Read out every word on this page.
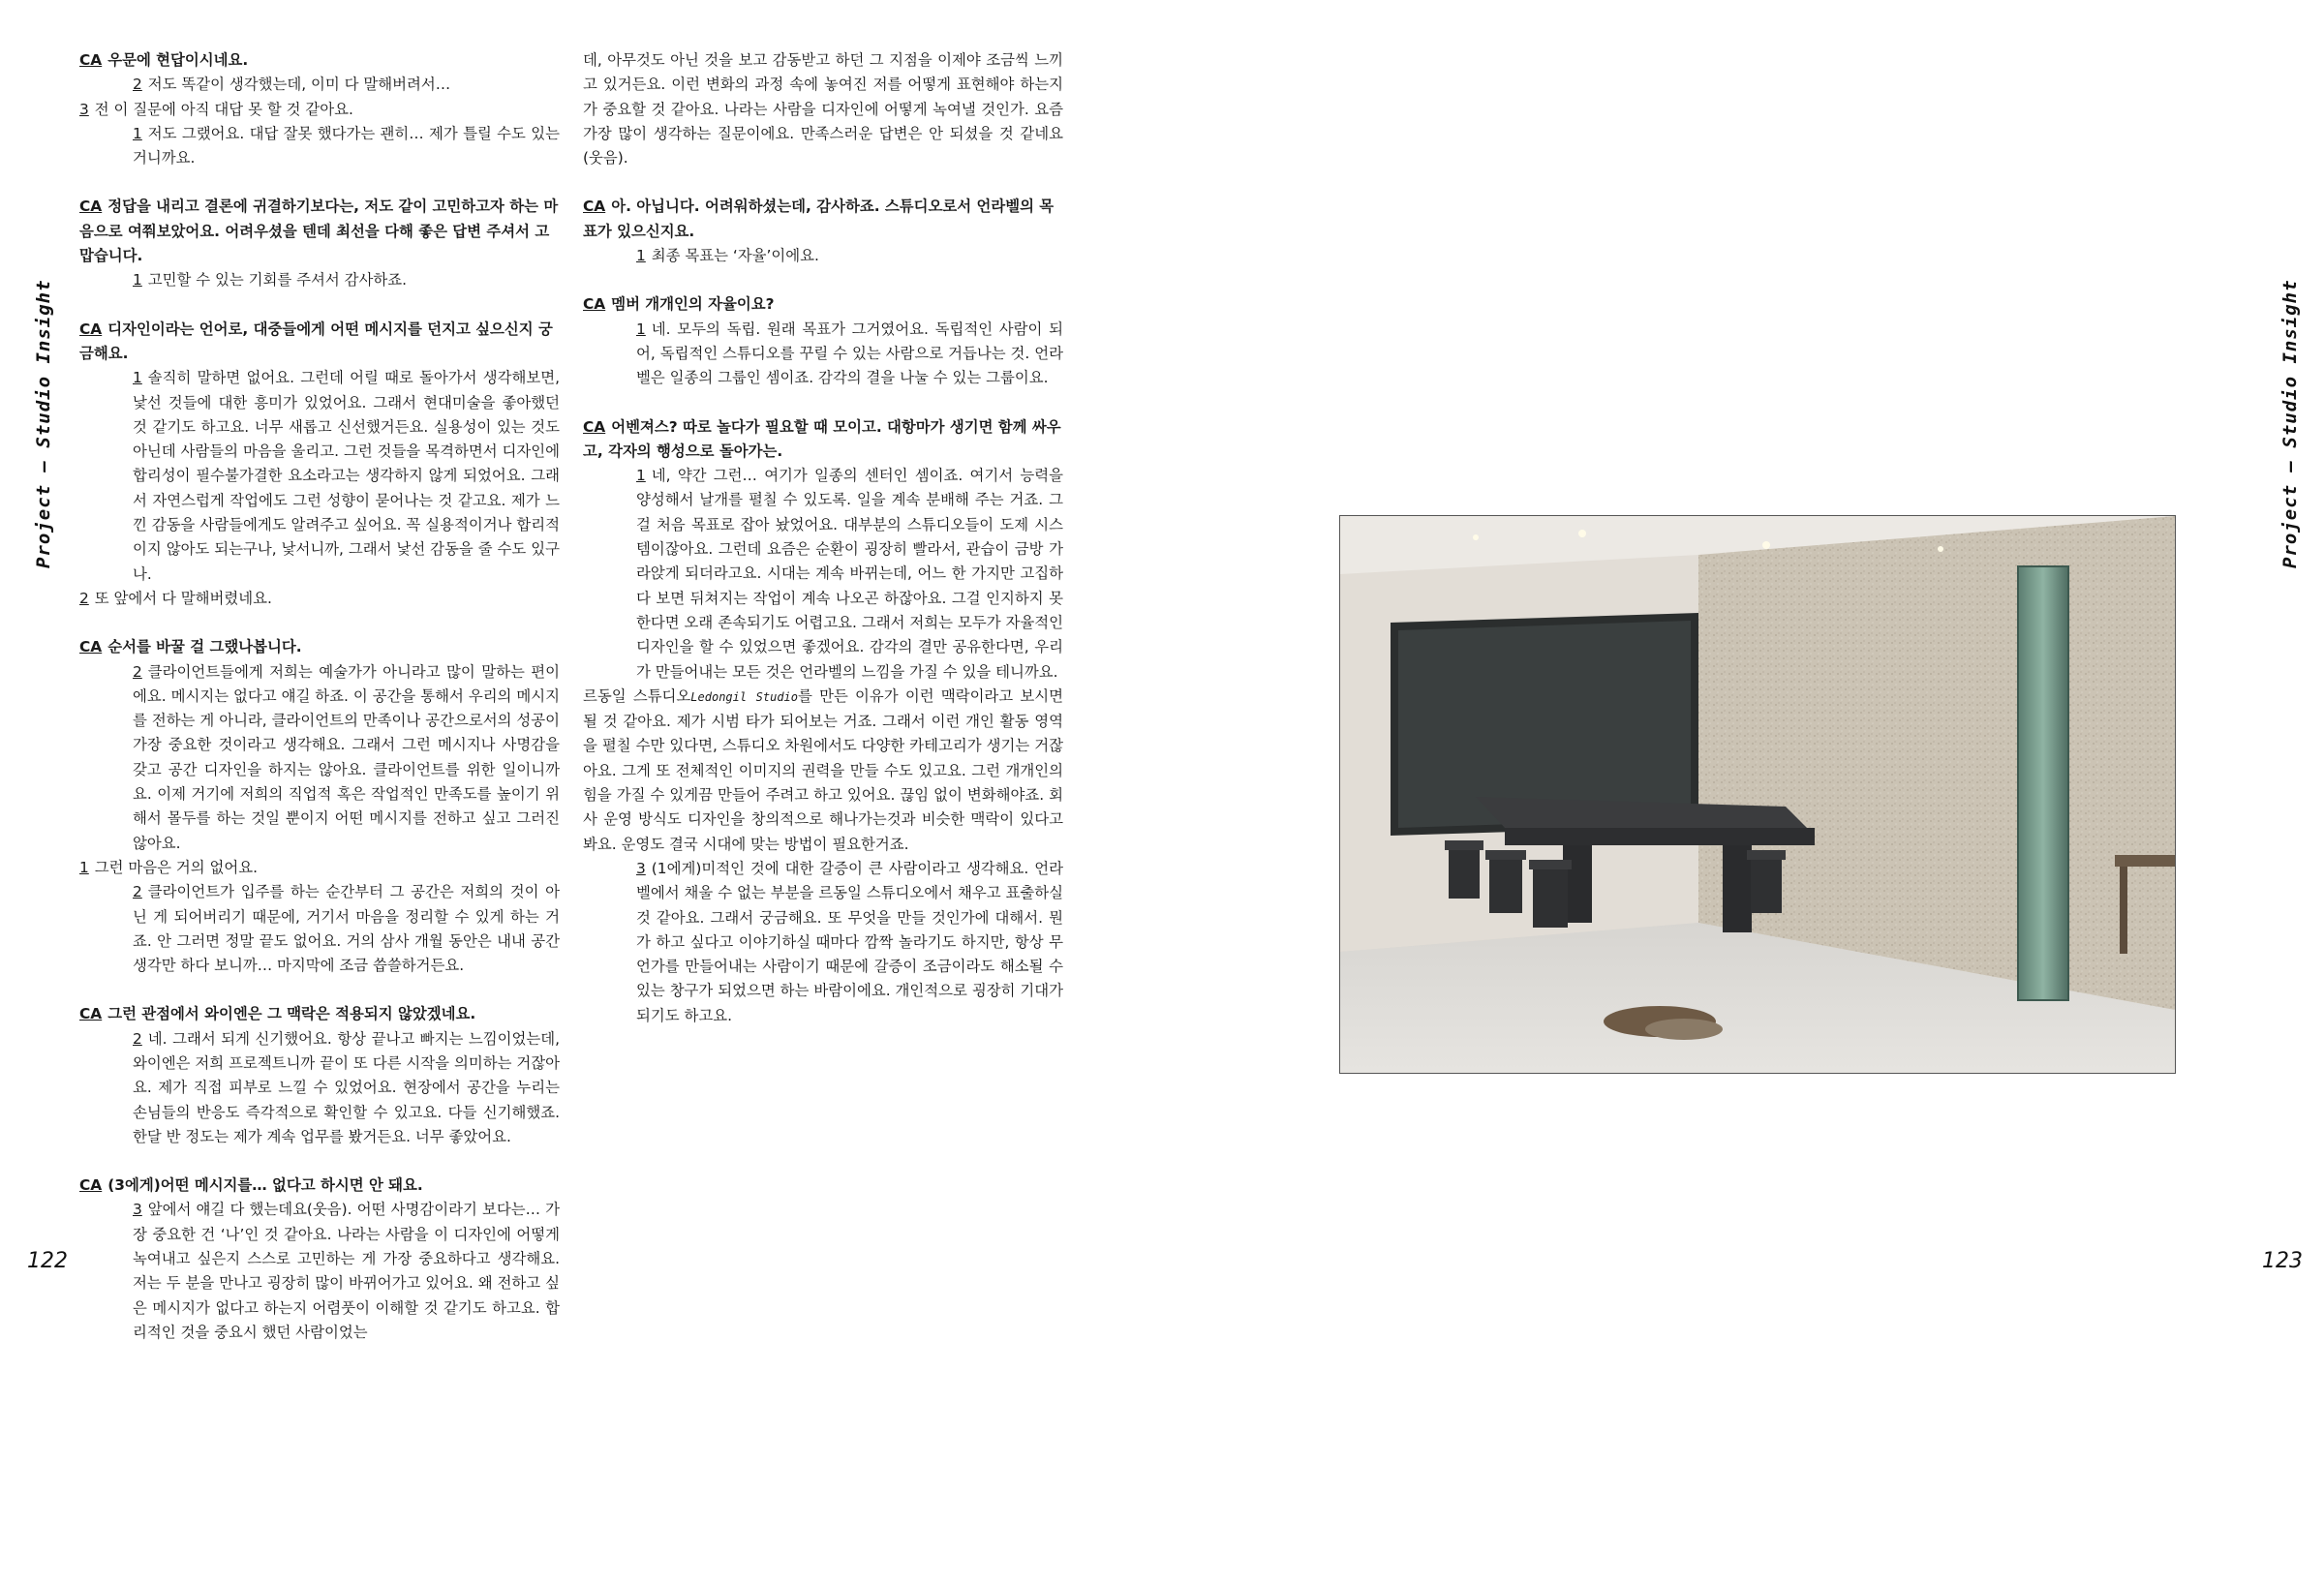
Project – Studio Insight	Project – Studio Insight
122	123

CA 우문에 현답이시네요.

2 저도 똑같이 생각했는데, 이미 다 말해버려서…

3 전 이 질문에 아직 대답 못 할 것 같아요.

1 저도 그랬어요. 대답 잘못 했다가는 괜히… 제가 틀릴 수도 있는 거니까요.

CA 정답을 내리고 결론에 귀결하기보다는, 저도 같이 고민하고자 하는 마음으로 여쭤보았어요. 어려우셨을 텐데 최선을 다해 좋은 답변 주셔서 고맙습니다.

1 고민할 수 있는 기회를 주셔서 감사하죠.

CA 디자인이라는 언어로, 대중들에게 어떤 메시지를 던지고 싶으신지 궁금해요.

1 솔직히 말하면 없어요. 그런데 어릴 때로 돌아가서 생각해보면, 낯선 것들에 대한 흥미가 있었어요. 그래서 현대미술을 좋아했던 것 같기도 하고요. 너무 새롭고 신선했거든요. 실용성이 있는 것도 아닌데 사람들의 마음을 울리고. 그런 것들을 목격하면서 디자인에 합리성이 필수불가결한 요소라고는 생각하지 않게 되었어요. 그래서 자연스럽게 작업에도 그런 성향이 묻어나는 것 같고요. 제가 느낀 감동을 사람들에게도 알려주고 싶어요. 꼭 실용적이거나 합리적이지 않아도 되는구나, 낯서니까, 그래서 낯선 감동을 줄 수도 있구나.

2 또 앞에서 다 말해버렸네요.

CA 순서를 바꿀 걸 그랬나봅니다.

2 클라이언트들에게 저희는 예술가가 아니라고 많이 말하는 편이에요. 메시지는 없다고 얘길 하죠. 이 공간을 통해서 우리의 메시지를 전하는 게 아니라, 클라이언트의 만족이나 공간으로서의 성공이 가장 중요한 것이라고 생각해요. 그래서 그런 메시지나 사명감을 갖고 공간 디자인을 하지는 않아요. 클라이언트를 위한 일이니까요. 이제 거기에 저희의 직업적 혹은 작업적인 만족도를 높이기 위해서 몰두를 하는 것일 뿐이지 어떤 메시지를 전하고 싶고 그러진 않아요.

1 그런 마음은 거의 없어요.

2 클라이언트가 입주를 하는 순간부터 그 공간은 저희의 것이 아닌 게 되어버리기 때문에, 거기서 마음을 정리할 수 있게 하는 거죠. 안 그러면 정말 끝도 없어요. 거의 삼사 개월 동안은 내내 공간 생각만 하다 보니까… 마지막에 조금 씁쓸하거든요.

CA 그런 관점에서 와이엔은 그 맥락은 적용되지 않았겠네요.

2 네. 그래서 되게 신기했어요. 항상 끝나고 빠지는 느낌이었는데, 와이엔은 저희 프로젝트니까 끝이 또 다른 시작을 의미하는 거잖아요. 제가 직접 피부로 느낄 수 있었어요. 현장에서 공간을 누리는 손님들의 반응도 즉각적으로 확인할 수 있고요. 다들 신기해했죠. 한달 반 정도는 제가 계속 업무를 봤거든요. 너무 좋았어요.

CA (3에게)어떤 메시지를… 없다고 하시면 안 돼요.

3 앞에서 얘길 다 했는데요(웃음). 어떤 사명감이라기 보다는… 가장 중요한 건 ‘나’인 것 같아요. 나라는 사람을 이 디자인에 어떻게 녹여내고 싶은지 스스로 고민하는 게 가장 중요하다고 생각해요. 저는 두 분을 만나고 굉장히 많이 바뀌어가고 있어요. 왜 전하고 싶은 메시지가 없다고 하는지 어렴풋이 이해할 것 같기도 하고요. 합리적인 것을 중요시 했던 사람이었는

데, 아무것도 아닌 것을 보고 감동받고 하던 그 지점을 이제야 조금씩 느끼고 있거든요. 이런 변화의 과정 속에 놓여진 저를 어떻게 표현해야 하는지가 중요할 것 같아요. 나라는 사람을 디자인에 어떻게 녹여낼 것인가. 요즘 가장 많이 생각하는 질문이에요. 만족스러운 답변은 안 되셨을 것 같네요(웃음).

CA 아. 아닙니다. 어려워하셨는데, 감사하죠. 스튜디오로서 언라벨의 목표가 있으신지요.

1 최종 목표는 ‘자율’이에요.

CA 멤버 개개인의 자율이요?

1 네. 모두의 독립. 원래 목표가 그거였어요. 독립적인 사람이 되어, 독립적인 스튜디오를 꾸릴 수 있는 사람으로 거듭나는 것. 언라벨은 일종의 그룹인 셈이죠. 감각의 결을 나눌 수 있는 그룹이요.

CA 어벤져스? 따로 놀다가 필요할 때 모이고. 대항마가 생기면 함께 싸우고, 각자의 행성으로 돌아가는.

1 네, 약간 그런… 여기가 일종의 센터인 셈이죠. 여기서 능력을 양성해서 날개를 펼칠 수 있도록. 일을 계속 분배해 주는 거죠. 그걸 처음 목표로 잡아 놨었어요. 대부분의 스튜디오들이 도제 시스템이잖아요. 그런데 요즘은 순환이 굉장히 빨라서, 관습이 금방 가라앉게 되더라고요. 시대는 계속 바뀌는데, 어느 한 가지만 고집하다 보면 뒤쳐지는 작업이 계속 나오곤 하잖아요. 그걸 인지하지 못한다면 오래 존속되기도 어렵고요. 그래서 저희는 모두가 자율적인 디자인을 할 수 있었으면 좋겠어요. 감각의 결만 공유한다면, 우리가 만들어내는 모든 것은 언라벨의 느낌을 가질 수 있을 테니까요.

르동일 스튜디오Ledongil Studio를 만든 이유가 이런 맥락이라고 보시면 될 것 같아요. 제가 시범 타가 되어보는 거죠. 그래서 이런 개인 활동 영역을 펼칠 수만 있다면, 스튜디오 차원에서도 다양한 카테고리가 생기는 거잖아요. 그게 또 전체적인 이미지의 권력을 만들 수도 있고요. 그런 개개인의 힘을 가질 수 있게끔 만들어 주려고 하고 있어요. 끊임 없이 변화해야죠. 회사 운영 방식도 디자인을 창의적으로 해나가는것과 비슷한 맥락이 있다고 봐요. 운영도 결국 시대에 맞는 방법이 필요한거죠.

3 (1에게)미적인 것에 대한 갈증이 큰 사람이라고 생각해요. 언라벨에서 채울 수 없는 부분을 르동일 스튜디오에서 채우고 표출하실 것 같아요. 그래서 궁금해요. 또 무엇을 만들 것인가에 대해서. 뭔가 하고 싶다고 이야기하실 때마다 깜짝 놀라기도 하지만, 항상 무언가를 만들어내는 사람이기 때문에 갈증이 조금이라도 해소될 수 있는 창구가 되었으면 하는 바람이에요. 개인적으로 굉장히 기대가 되기도 하고요.
